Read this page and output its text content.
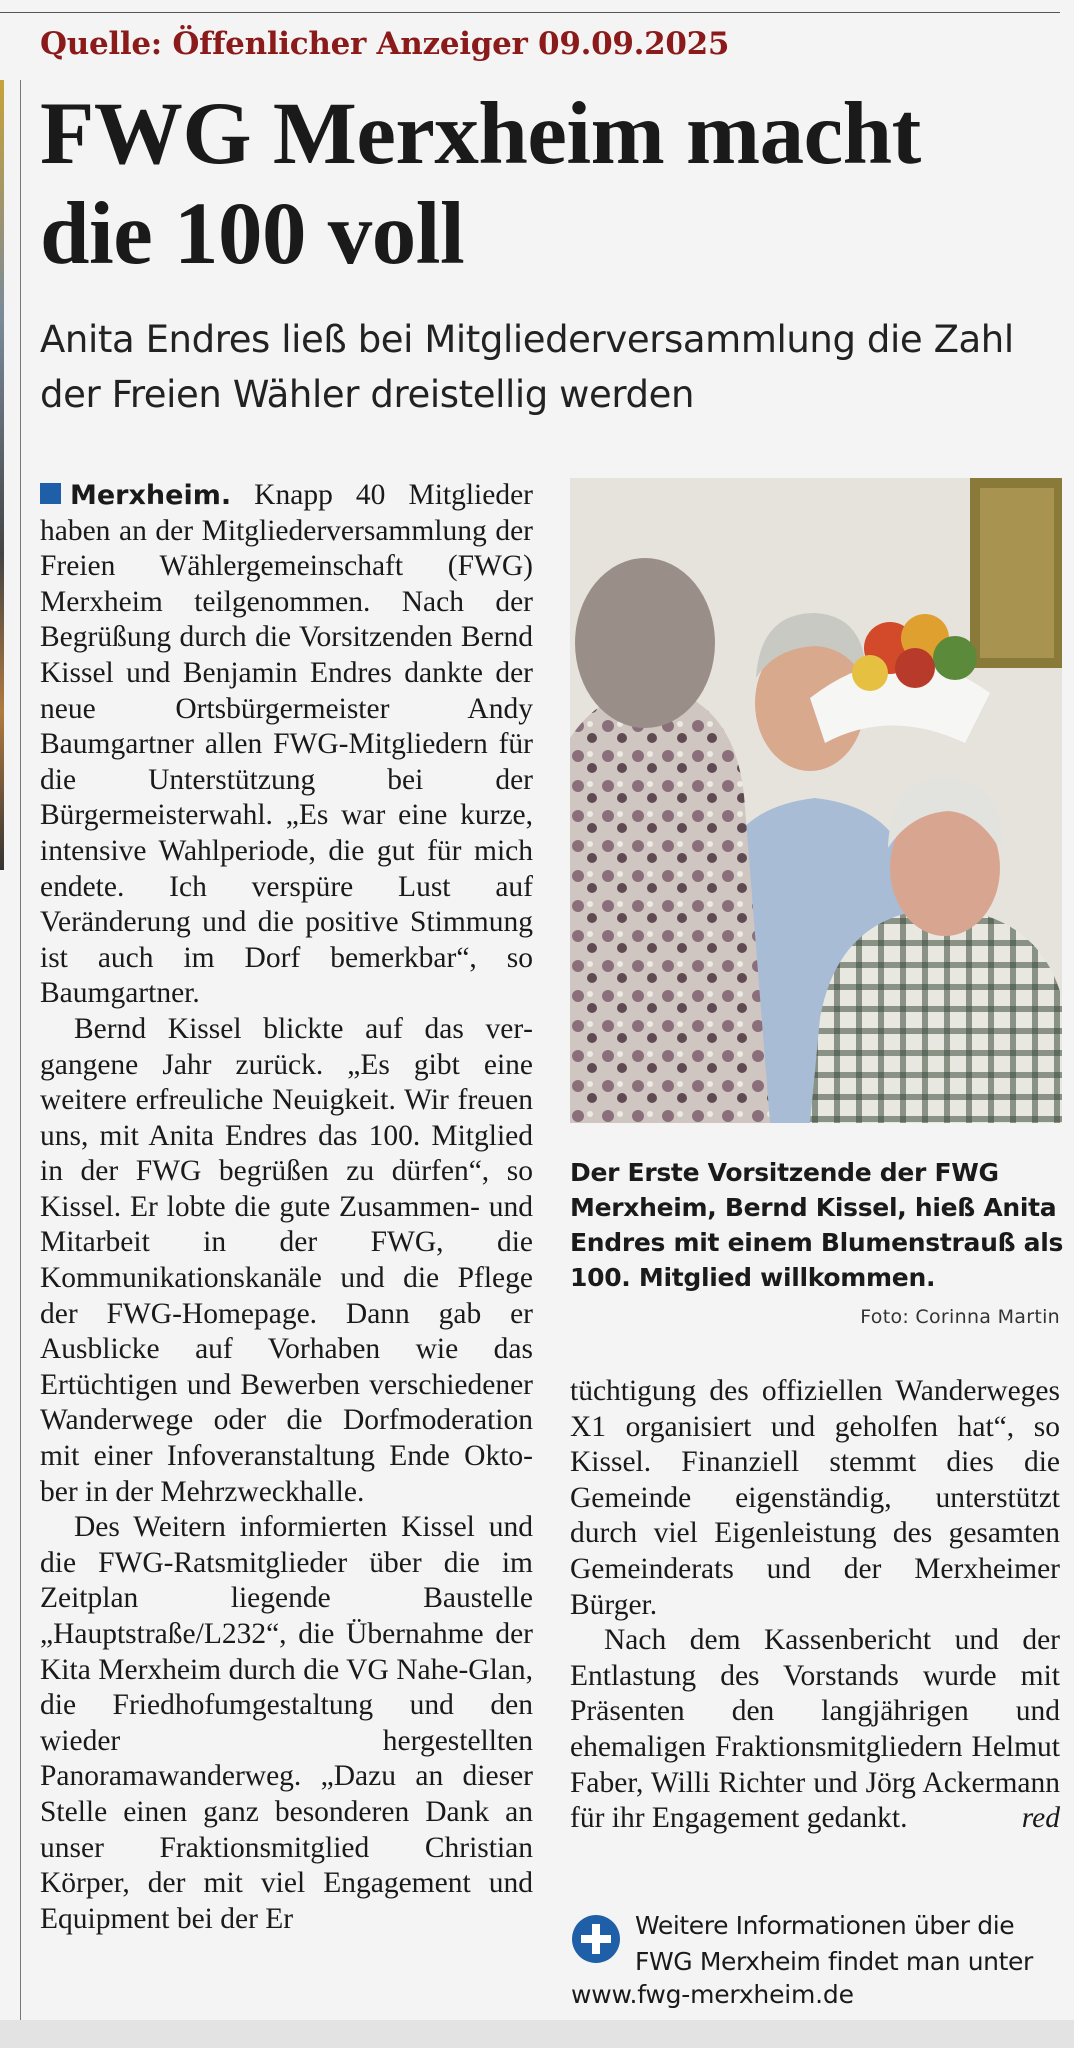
Quelle: Öffenlicher Anzeiger 09.09.2025
FWG Merxheim macht
die 100 voll

Anita Endres ließ bei Mitgliederversammlung die Zahl der Freien Wähler dreistellig werden

Merxheim. Knapp 40 Mitglieder haben an der Mitgliederversammlung der Freien Wählergemeinschaft (FWG) Merxheim teilgenommen. Nach der Begrüßung durch die Vorsitzenden Bernd Kissel und Benjamin Endres dankte der neue Ortsbürgermeister Andy Baumgartner allen FWG-Mitgliedern für die Unterstützung bei der Bürgermeisterwahl. „Es war eine kurze, intensive Wahlperiode, die gut für mich endete. Ich verspüre Lust auf Veränderung und die positive Stimmung ist auch im Dorf bemerkbar“, so Baumgartner.

Bernd Kissel blickte auf das vergangene Jahr zurück. „Es gibt eine weitere erfreuliche Neuigkeit. Wir freuen uns, mit Anita Endres das 100. Mitglied in der FWG begrüßen zu dürfen“, so Kissel. Er lobte die gute Zusammen- und Mitarbeit in der FWG, die Kommunikationskanäle und die Pflege der FWG-Homepage. Dann gab er Ausblicke auf Vorhaben wie das Ertüchtigen und Bewerben verschiedener Wanderwege oder die Dorfmoderation mit einer Infoveranstaltung Ende Oktober in der Mehrzweckhalle.

Des Weitern informierten Kissel und die FWG-Ratsmitglieder über die im Zeitplan liegende Baustelle „Hauptstraße/L232“, die Übernahme der Kita Merxheim durch die VG Nahe-Glan, die Friedhofumgestaltung und den wieder hergestellten Panoramawanderweg. „Dazu an dieser Stelle einen ganz besonderen Dank an unser Fraktionsmitglied Christian Körper, der mit viel Engagement und Equipment bei der Er

Der Erste Vorsitzende der FWG Merxheim, Bernd Kissel, hieß Anita Endres mit einem Blumenstrauß als 100. Mitglied willkommen.

Foto: Corinna Martin

tüchtigung des offiziellen Wanderweges X1 organisiert und geholfen hat“, so Kissel. Finanziell stemmt dies die Gemeinde eigenständig, unterstützt durch viel Eigenleistung des gesamten Gemeinderats und der Merxheimer Bürger.

Nach dem Kassenbericht und der Entlastung des Vorstands wurde mit Präsenten den langjährigen und ehemaligen Fraktionsmitgliedern Helmut Faber, Willi Richter und Jörg Ackermann für ihr Engagement gedankt.	red

Weitere Informationen über die FWG Merxheim findet man unter

www.fwg-merxheim.de
